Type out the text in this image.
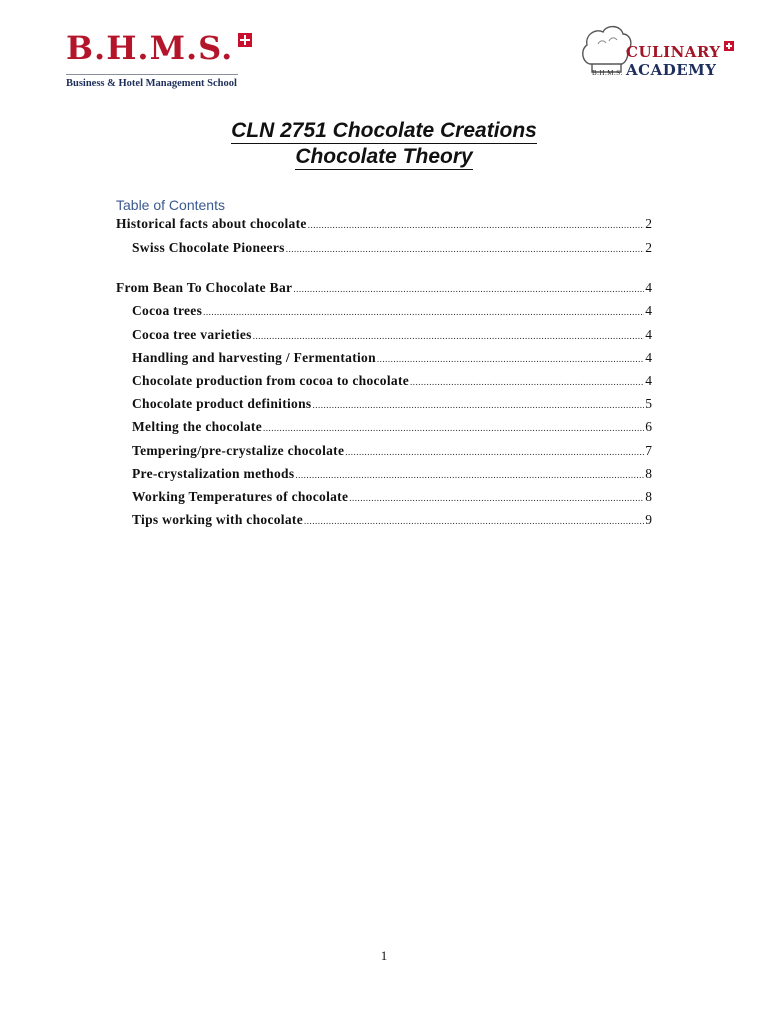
B.H.M.S.
Business & Hotel Management School
CULINARY
B.H.M.S. ACADEMY
CLN 2751 Chocolate Creations
Chocolate Theory
Table of Contents
Historical facts about chocolate .....	2
Swiss Chocolate Pioneers .....	2
From Bean To Chocolate Bar .....	4
Cocoa trees .....	4
Cocoa tree varieties .....	4
Handling and harvesting / Fermentation .....	4
Chocolate production from cocoa to chocolate .....	4
Chocolate product definitions .....	5
Melting the chocolate .....	6
Tempering/pre-crystalize chocolate .....	7
Pre-crystalization methods .....	8
Working Temperatures of chocolate .....	8
Tips working with chocolate .....	9
1
